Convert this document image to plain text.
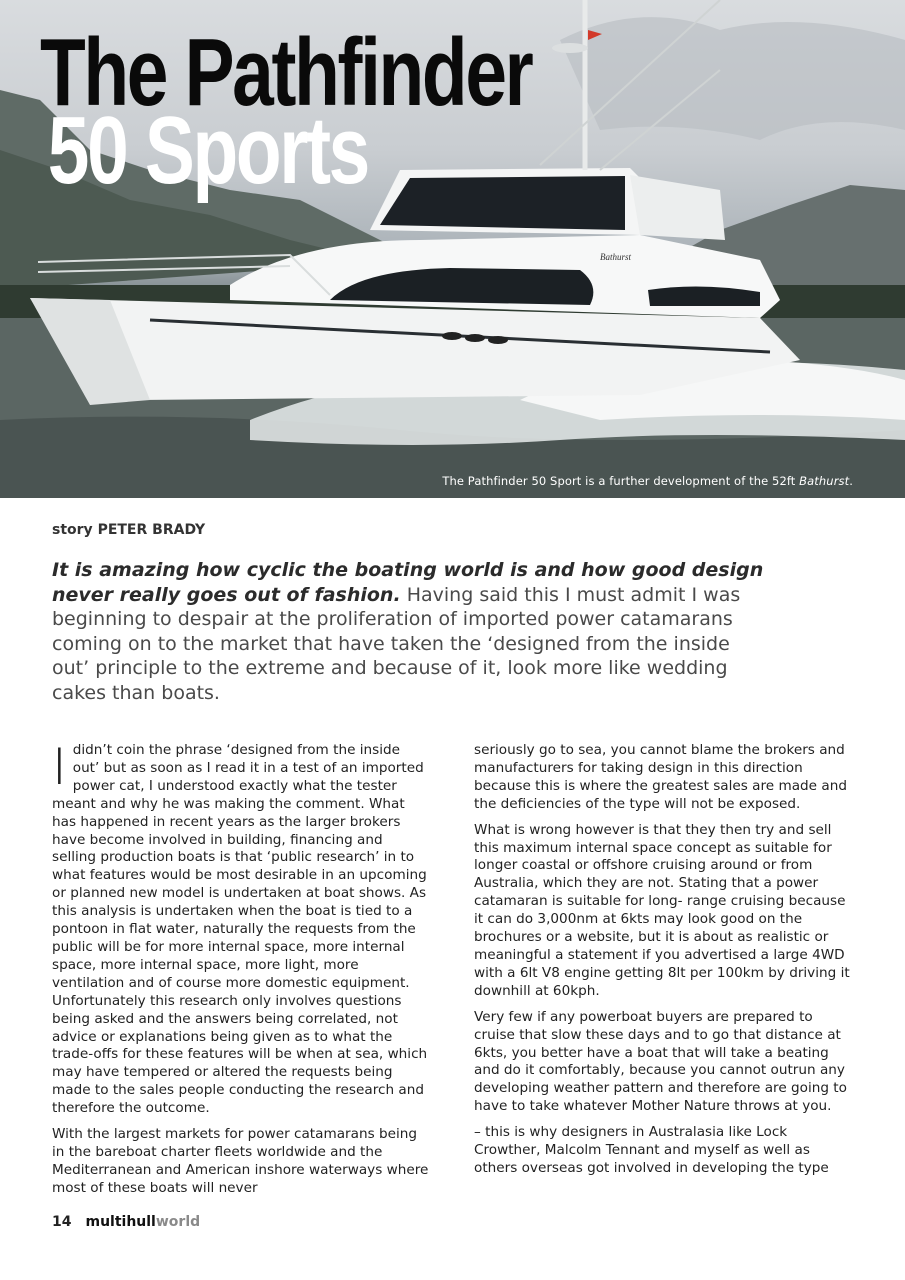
Bathurst
The Pathfinder
50 Sports
The Pathfinder 50 Sport is a further development of the 52ft Bathurst.
story PETER BRADY
It is amazing how cyclic the boating world is and how good design never really goes out of fashion. Having said this I must admit I was beginning to despair at the proliferation of imported power catamarans coming on to the market that have taken the ‘designed from the inside out’ principle to the extreme and because of it, look more like wedding cakes than boats.

Ididn’t coin the phrase ‘designed from the inside out’ but as soon as I read it in a test of an imported power cat, I understood exactly what the tester meant and why he was making the comment. What has happened in recent years as the larger brokers have become involved in building, financing and selling production boats is that ‘public research’ in to what features would be most desirable in an upcoming or planned new model is undertaken at boat shows. As this analysis is undertaken when the boat is tied to a pontoon in flat water, naturally the requests from the public will be for more internal space, more internal space, more internal space, more light, more ventilation and of course more domestic equipment. Unfortunately this research only involves questions being asked and the answers being correlated, not advice or explanations being given as to what the trade-offs for these features will be when at sea, which may have tempered or altered the requests being made to the sales people conducting the research and therefore the outcome.

With the largest markets for power catamarans being in the bareboat charter fleets worldwide and the Mediterranean and American inshore waterways where most of these boats will never

seriously go to sea, you cannot blame the brokers and manufacturers for taking design in this direction because this is where the greatest sales are made and the deficiencies of the type will not be exposed.

What is wrong however is that they then try and sell this maximum internal space concept as suitable for longer coastal or offshore cruising around or from Australia, which they are not. Stating that a power catamaran is suitable for long- range cruising because it can do 3,000nm at 6kts may look good on the brochures or a website, but it is about as realistic or meaningful a statement if you advertised a large 4WD with a 6lt V8 engine getting 8lt per 100km by driving it downhill at 60kph.

Very few if any powerboat buyers are prepared to cruise that slow these days and to go that distance at 6kts, you better have a boat that will take a beating and do it comfortably, because you cannot outrun any developing weather pattern and therefore are going to have to take whatever Mother Nature throws at you.

– this is why designers in Australasia like Lock Crowther, Malcolm Tennant and myself as well as others overseas got involved in developing the type

14 multihullworld
